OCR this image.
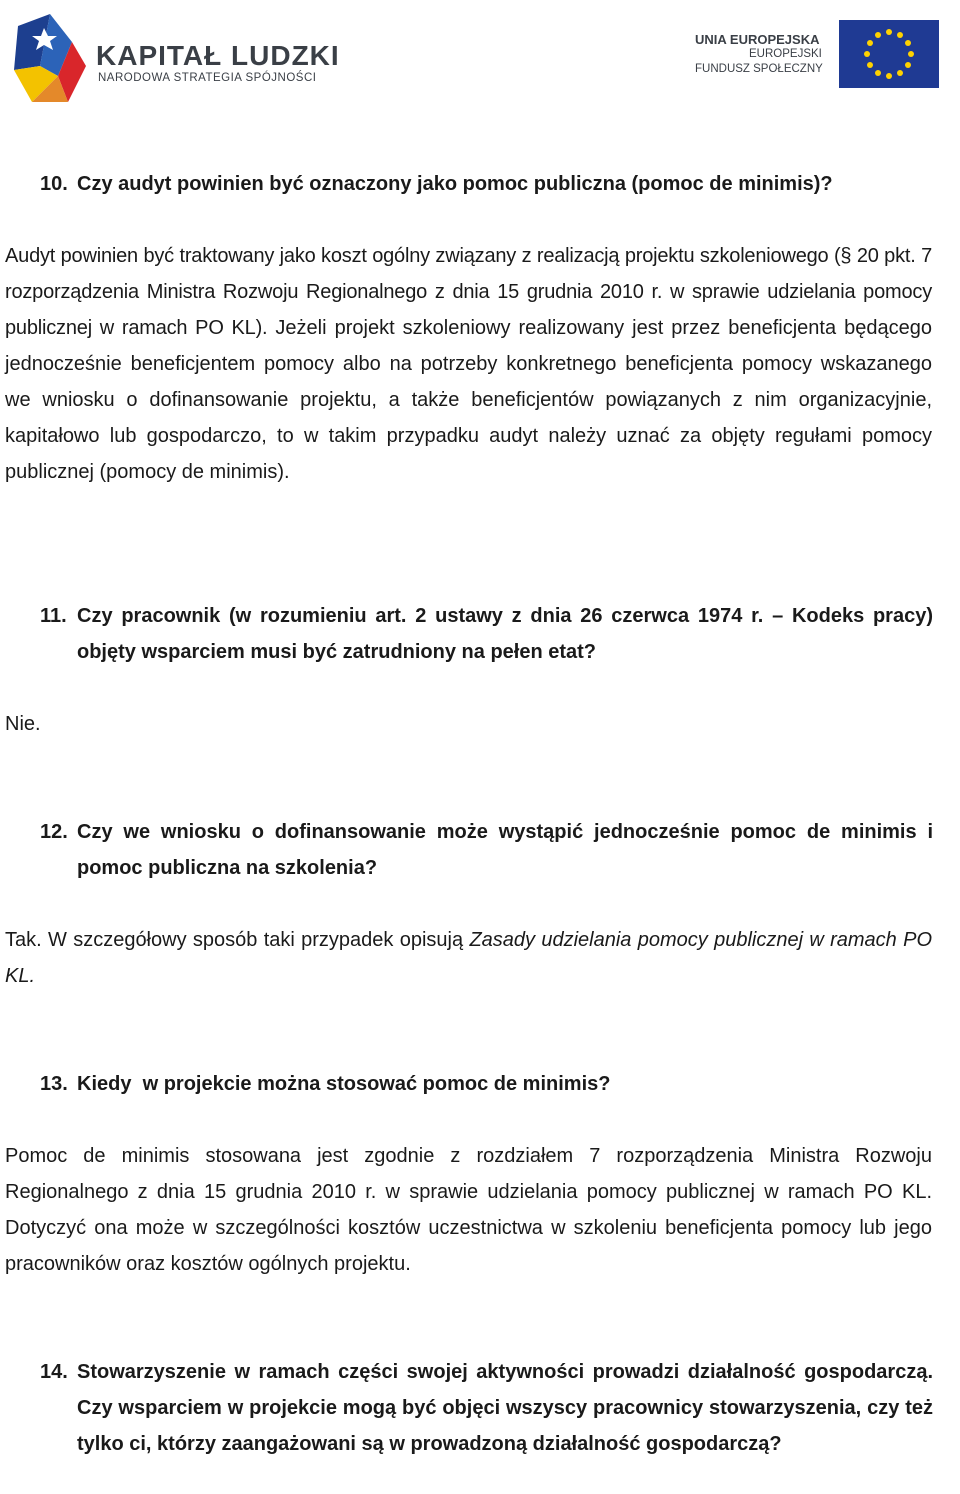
KAPITAŁ LUDZKI
NARODOWA STRATEGIA SPÓJNOŚCI
UNIA EUROPEJSKA
EUROPEJSKI
FUNDUSZ SPOŁECZNY
10. Czy audyt powinien być oznaczony jako pomoc publiczna (pomoc de minimis)?
Audyt powinien być traktowany jako koszt ogólny związany z realizacją projektu szkoleniowego (§ 20 pkt. 7 rozporządzenia Ministra Rozwoju Regionalnego z dnia 15 grudnia 2010 r. w sprawie udzielania pomocy publicznej w ramach PO KL). Jeżeli projekt szkoleniowy realizowany jest przez beneficjenta będącego jednocześnie beneficjentem pomocy albo na potrzeby konkretnego beneficjenta pomocy wskazanego we wniosku o dofinansowanie projektu, a także beneficjentów powiązanych z nim organizacyjnie, kapitałowo lub gospodarczo, to w takim przypadku audyt należy uznać za objęty regułami pomocy publicznej (pomocy de minimis).
11. Czy pracownik (w rozumieniu art. 2 ustawy z dnia 26 czerwca 1974 r. – Kodeks pracy) objęty wsparciem musi być zatrudniony na pełen etat?
Nie.
12. Czy we wniosku o dofinansowanie może wystąpić jednocześnie pomoc de minimis i pomoc publiczna na szkolenia?
Tak. W szczegółowy sposób taki przypadek opisują Zasady udzielania pomocy publicznej w ramach PO KL.
13. Kiedy  w projekcie można stosować pomoc de minimis?
Pomoc de minimis stosowana jest zgodnie z rozdziałem 7 rozporządzenia Ministra Rozwoju Regionalnego z dnia 15 grudnia 2010 r. w sprawie udzielania pomocy publicznej w ramach PO KL. Dotyczyć ona może w szczególności kosztów uczestnictwa w szkoleniu beneficjenta pomocy lub jego pracowników oraz kosztów ogólnych projektu.
14. Stowarzyszenie w ramach części swojej aktywności prowadzi działalność gospodarczą. Czy wsparciem w projekcie mogą być objęci wszyscy pracownicy stowarzyszenia, czy też tylko ci, którzy zaangażowani są w prowadzoną działalność gospodarczą?
